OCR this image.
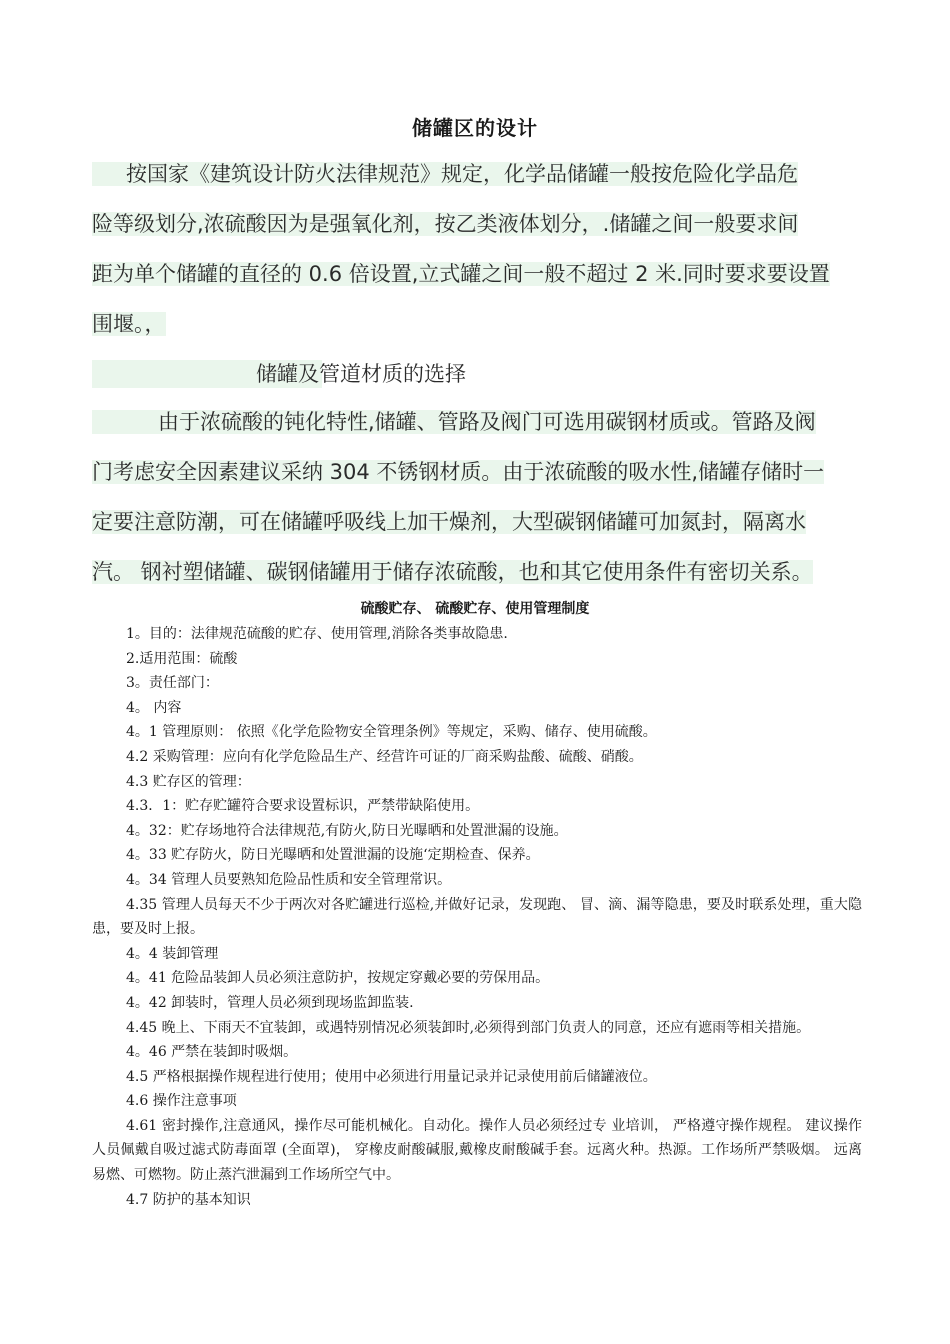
储罐区的设计
按国家《建筑设计防火法律规范》规定，化学品储罐一般按危险化学品危
险等级划分,浓硫酸因为是强氧化剂，按乙类液体划分，.储罐之间一般要求间
距为单个储罐的直径的 0.6 倍设置,立式罐之间一般不超过 2 米.同时要求要设置
围堰。，
储罐及管道材质的选择
由于浓硫酸的钝化特性,储罐、管路及阀门可选用碳钢材质或。管路及阀
门考虑安全因素建议采纳 304 不锈钢材质。由于浓硫酸的吸水性,储罐存储时一
定要注意防潮，可在储罐呼吸线上加干燥剂，大型碳钢储罐可加氮封，隔离水
汽。 钢衬塑储罐、碳钢储罐用于储存浓硫酸，也和其它使用条件有密切关系。
硫酸贮存、 硫酸贮存、使用管理制度
1。目的：法律规范硫酸的贮存、使用管理,消除各类事故隐患.
2.适用范围：硫酸
3。责任部门：
4。 内容
4。1 管理原则： 依照《化学危险物安全管理条例》等规定，采购、储存、使用硫酸。
4.2 采购管理：应向有化学危险品生产、经营许可证的厂商采购盐酸、硫酸、硝酸。
4.3 贮存区的管理：
4.3．1：贮存贮罐符合要求设置标识，严禁带缺陷使用。
4。32：贮存场地符合法律规范,有防火,防日光曝晒和处置泄漏的设施。
4。33 贮存防火，防日光曝晒和处置泄漏的设施‘定期检查、保养。
4。34 管理人员要熟知危险品性质和安全管理常识。
4.35 管理人员每天不少于两次对各贮罐进行巡检,并做好记录，发现跑、 冒、滴、漏等隐患，要及时联系处理，重大隐患，要及时上报。
4。4 装卸管理
4。41 危险品装卸人员必须注意防护，按规定穿戴必要的劳保用品。
4。42 卸装时，管理人员必须到现场监卸监装.
4.45 晚上、下雨天不宜装卸，或遇特别情况必须装卸时,必须得到部门负责人的同意，还应有遮雨等相关措施。
4。46 严禁在装卸时吸烟。
4.5 严格根据操作规程进行使用；使用中必须进行用量记录并记录使用前后储罐液位。
4.6 操作注意事项
4.61 密封操作,注意通风，操作尽可能机械化。自动化。操作人员必须经过专 业培训， 严格遵守操作规程。 建议操作人员佩戴自吸过滤式防毒面罩 (全面罩)， 穿橡皮耐酸碱服,戴橡皮耐酸碱手套。远离火种。热源。工作场所严禁吸烟。 远离易燃、可燃物。防止蒸汽泄漏到工作场所空气中。
4.7 防护的基本知识
